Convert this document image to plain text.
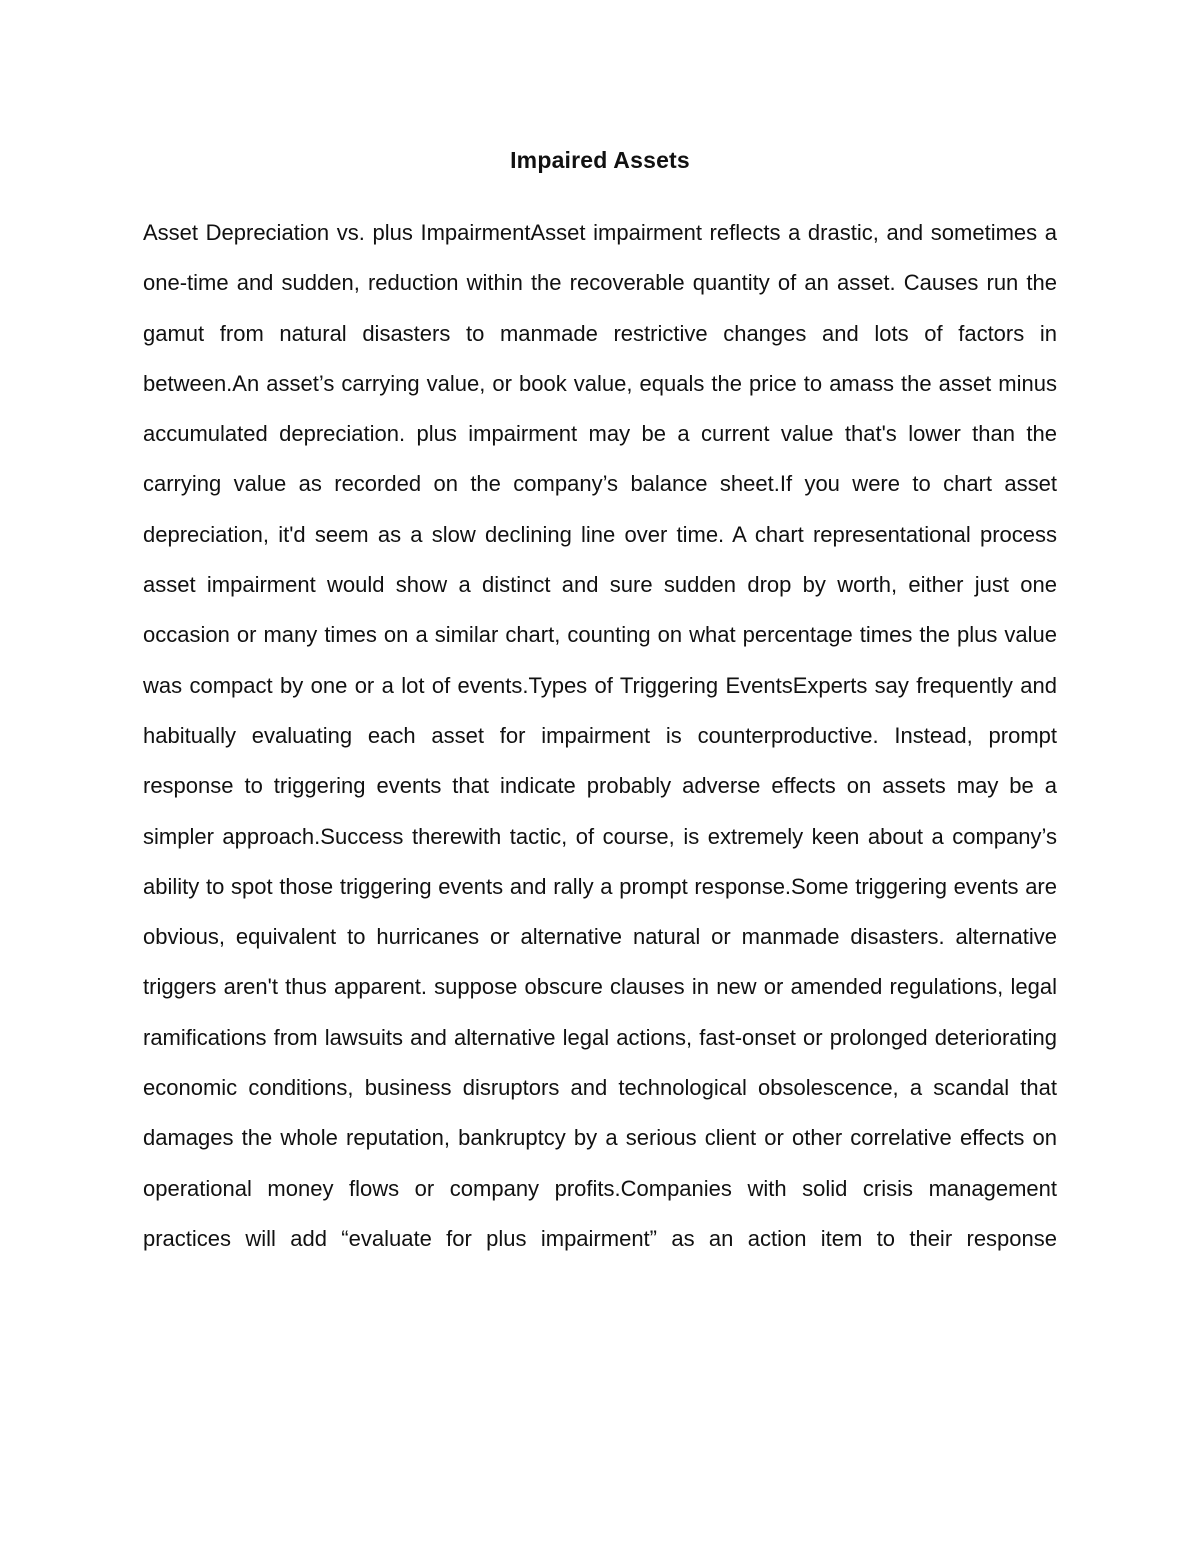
Impaired Assets

Asset Depreciation vs. plus ImpairmentAsset impairment reflects a drastic, and sometimes a one-time and sudden, reduction within the recoverable quantity of an asset. Causes run the gamut from natural disasters to manmade restrictive changes and lots of factors in between.An asset’s carrying value, or book value, equals the price to amass the asset minus accumulated depreciation. plus impairment may be a current value that's lower than the carrying value as recorded on the company’s balance sheet.If you were to chart asset depreciation, it'd seem as a slow declining line over time. A chart representational process asset impairment would show a distinct and sure sudden drop by worth, either just one occasion or many times on a similar chart, counting on what percentage times the plus value was compact by one or a lot of events.Types of Triggering EventsExperts say frequently and habitually evaluating each asset for impairment is counterproductive. Instead, prompt response to triggering events that indicate probably adverse effects on assets may be a simpler approach.Success therewith tactic, of course, is extremely keen about a company’s ability to spot those triggering events and rally a prompt response.Some triggering events are obvious, equivalent to hurricanes or alternative natural or manmade disasters. alternative triggers aren't thus apparent. suppose obscure clauses in new or amended regulations, legal ramifications from lawsuits and alternative legal actions, fast-onset or prolonged deteriorating economic conditions, business disruptors and technological obsolescence, a scandal that damages the whole reputation, bankruptcy by a serious client or other correlative effects on operational money flows or company profits.Companies with solid crisis management practices will add “evaluate for plus impairment” as an action item to their response
